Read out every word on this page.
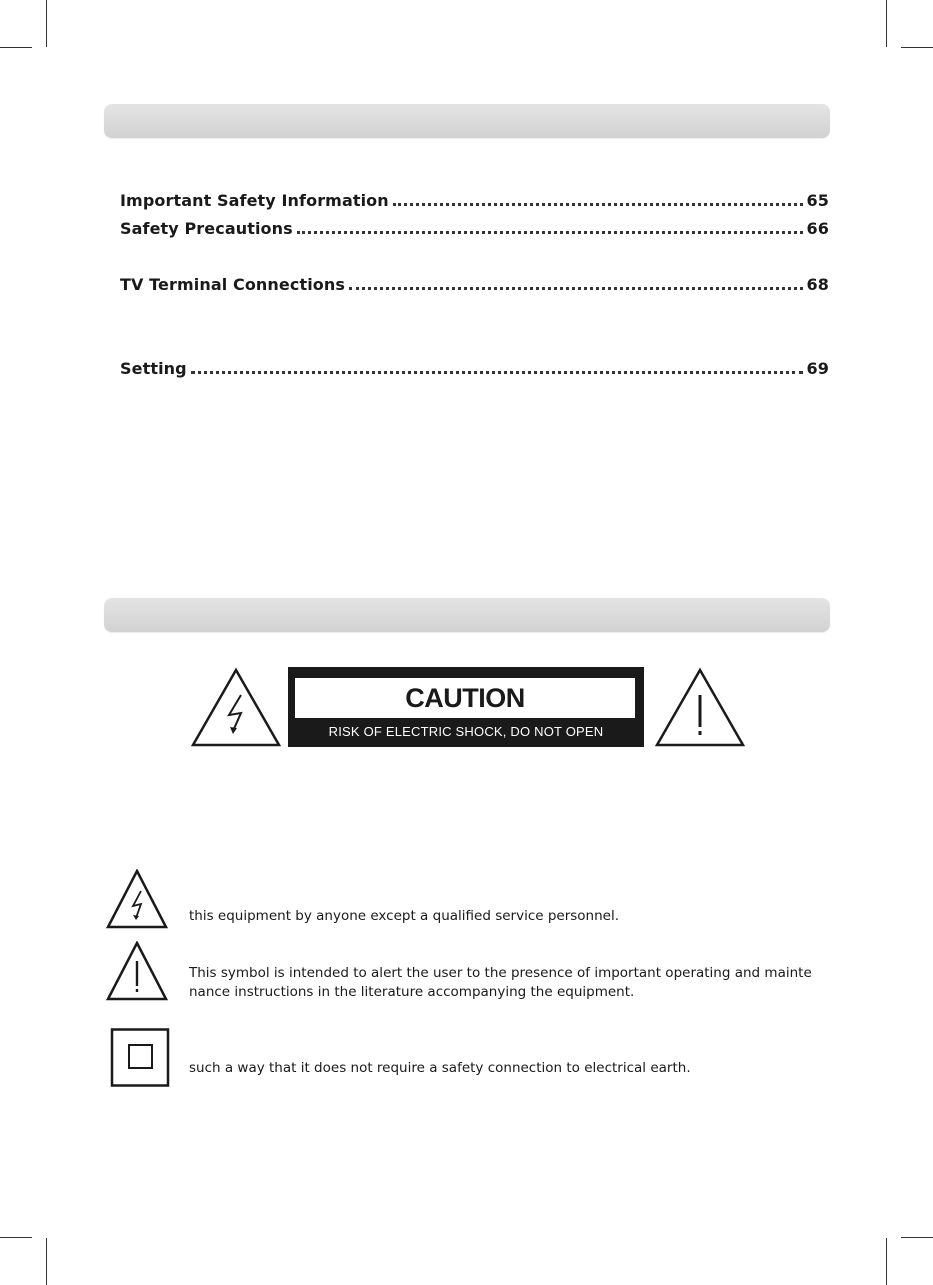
Important Safety Information	65
Safety Precautions	66
TV Terminal Connections	68
Setting	69
CAUTION
RISK OF ELECTRIC SHOCK, DO NOT OPEN
this equipment by anyone except a qualified service personnel.
This symbol is intended to alert the user to the presence of important operating and mainte
nance instructions in the literature accompanying the equipment.
such a way that it does not require a safety connection to electrical earth.
